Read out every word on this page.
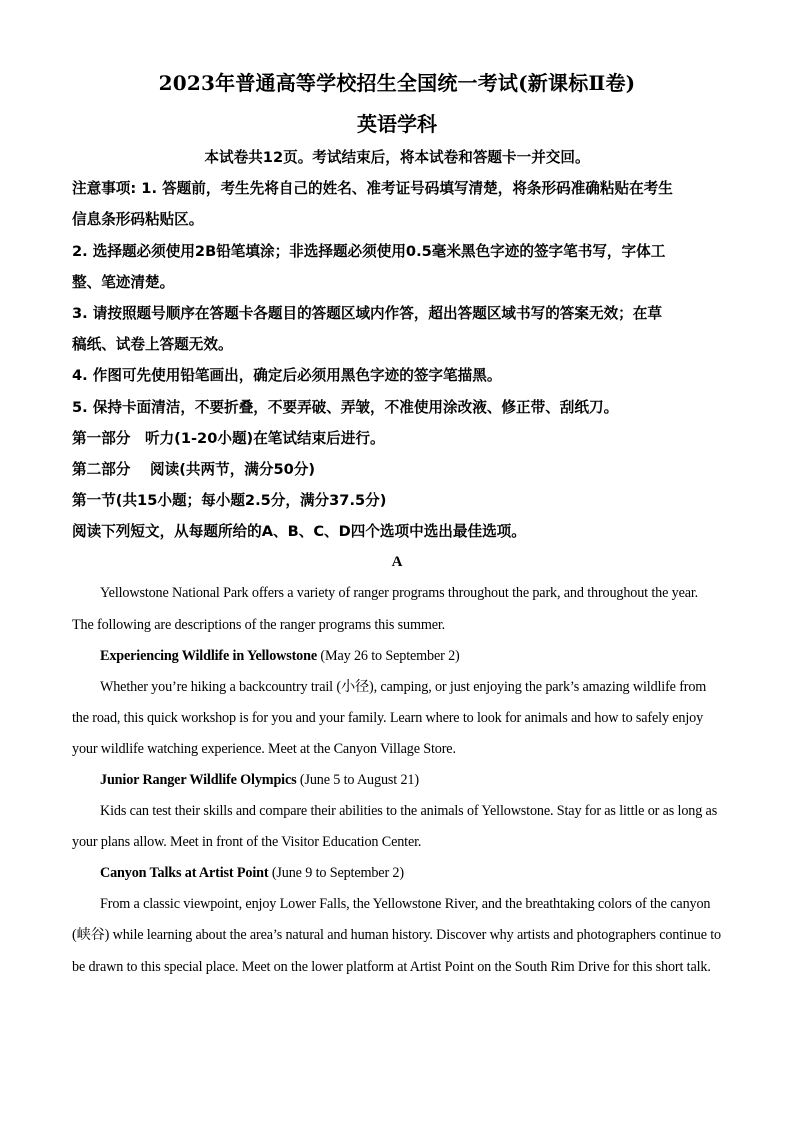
2023年普通高等学校招生全国统一考试(新课标Ⅱ卷)
英语学科
本试卷共12页。考试结束后，将本试卷和答题卡一并交回。
注意事项: 1. 答题前，考生先将自己的姓名、准考证号码填写清楚，将条形码准确粘贴在考生
信息条形码粘贴区。
2. 选择题必须使用2B铅笔填涂；非选择题必须使用0.5毫米黑色字迹的签字笔书写，字体工
整、笔迹清楚。
3. 请按照题号顺序在答题卡各题目的答题区域内作答，超出答题区域书写的答案无效；在草
稿纸、试卷上答题无效。
4. 作图可先使用铅笔画出，确定后必须用黑色字迹的签字笔描黑。
5. 保持卡面清洁，不要折叠，不要弄破、弄皱，不准使用涂改液、修正带、刮纸刀。
第一部分　听力(1-20小题)在笔试结束后进行。
第二部分　 阅读(共两节，满分50分)
第一节(共15小题；每小题2.5分，满分37.5分)
阅读下列短文，从每题所给的A、B、C、D四个选项中选出最佳选项。
A

Yellowstone National Park offers a variety of ranger programs throughout the park, and throughout the year. The following are descriptions of the ranger programs this summer.

Experiencing Wildlife in Yellowstone (May 26 to September 2)

Whether you’re hiking a backcountry trail (小径), camping, or just enjoying the park’s amazing wildlife from the road, this quick workshop is for you and your family. Learn where to look for animals and how to safely enjoy your wildlife watching experience. Meet at the Canyon Village Store.

Junior Ranger Wildlife Olympics (June 5 to August 21)

Kids can test their skills and compare their abilities to the animals of Yellowstone. Stay for as little or as long as your plans allow. Meet in front of the Visitor Education Center.

Canyon Talks at Artist Point (June 9 to September 2)

From a classic viewpoint, enjoy Lower Falls, the Yellowstone River, and the breathtaking colors of the canyon (峡谷) while learning about the area’s natural and human history. Discover why artists and photographers continue to be drawn to this special place. Meet on the lower platform at Artist Point on the South Rim Drive for this short talk.
